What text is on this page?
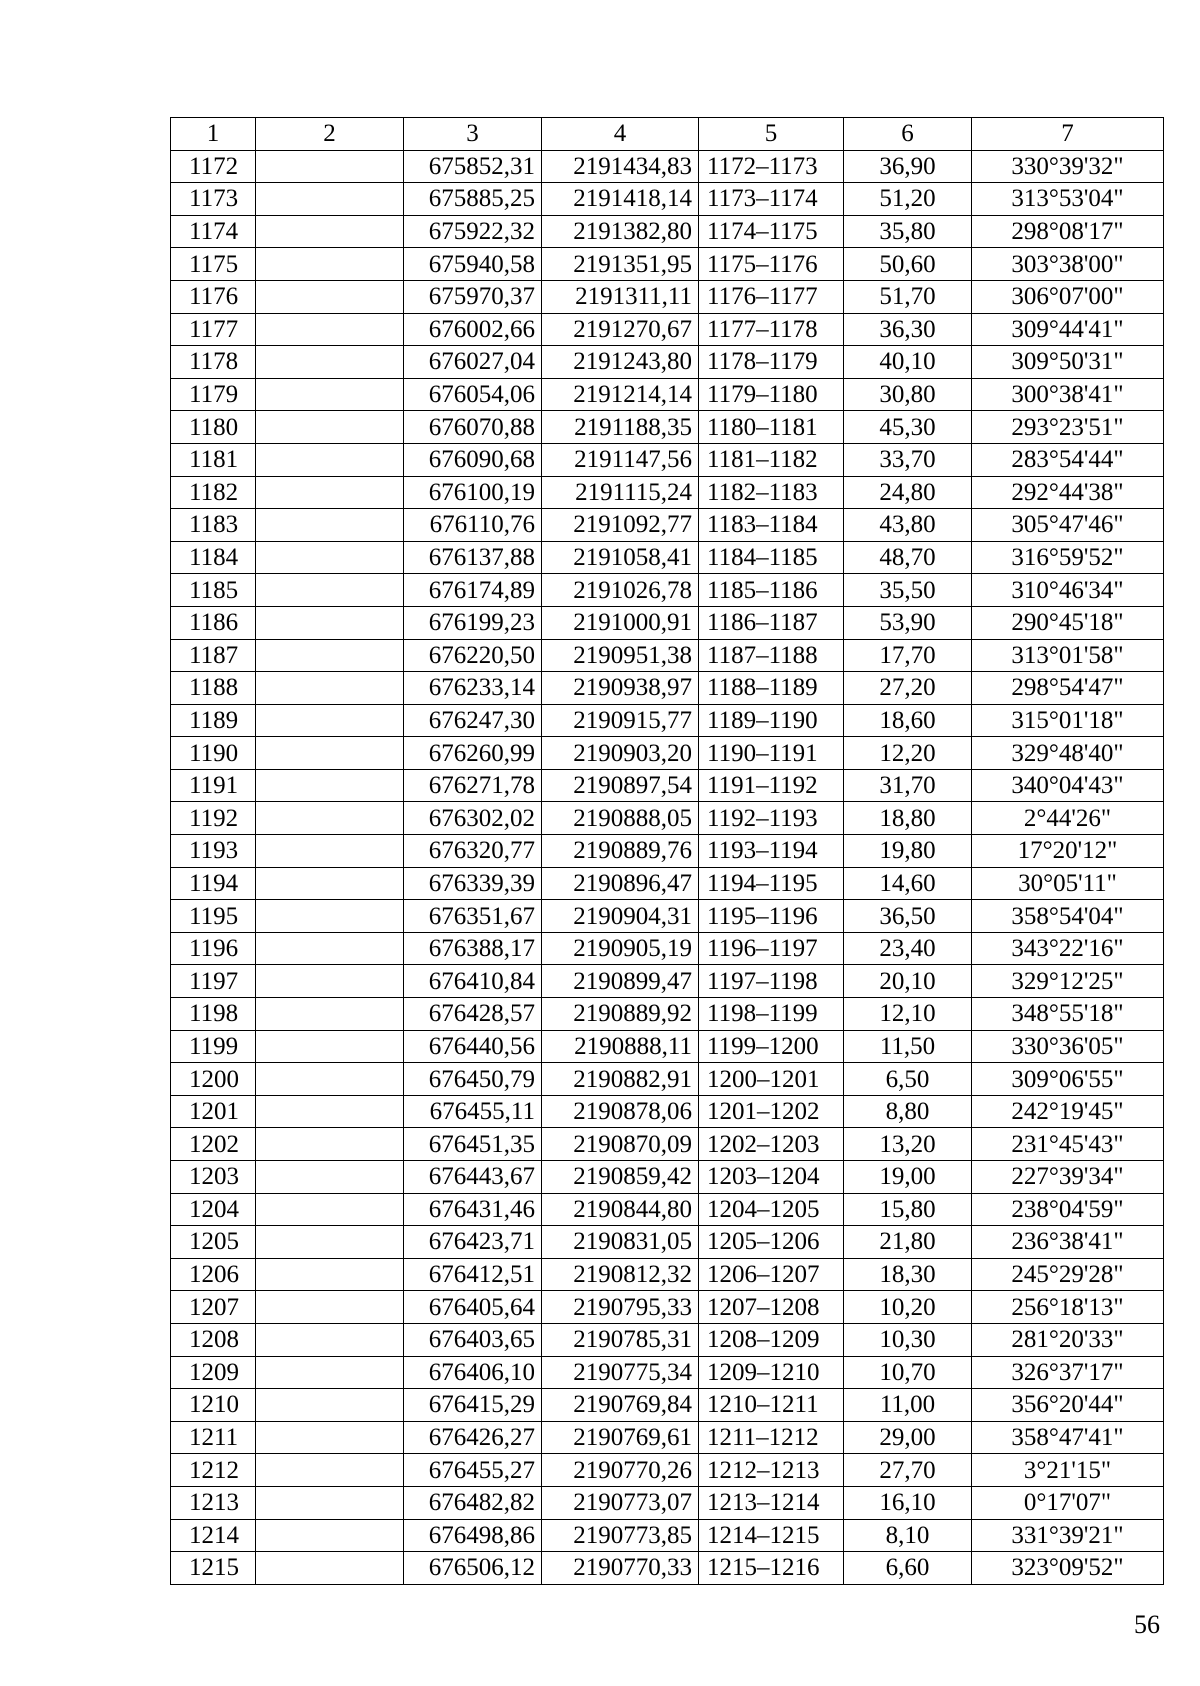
1	2	3	4	5	6	7
1172		675852,31	2191434,83	1172–1173	36,90	330°39'32"
1173		675885,25	2191418,14	1173–1174	51,20	313°53'04"
1174		675922,32	2191382,80	1174–1175	35,80	298°08'17"
1175		675940,58	2191351,95	1175–1176	50,60	303°38'00"
1176		675970,37	2191311,11	1176–1177	51,70	306°07'00"
1177		676002,66	2191270,67	1177–1178	36,30	309°44'41"
1178		676027,04	2191243,80	1178–1179	40,10	309°50'31"
1179		676054,06	2191214,14	1179–1180	30,80	300°38'41"
1180		676070,88	2191188,35	1180–1181	45,30	293°23'51"
1181		676090,68	2191147,56	1181–1182	33,70	283°54'44"
1182		676100,19	2191115,24	1182–1183	24,80	292°44'38"
1183		676110,76	2191092,77	1183–1184	43,80	305°47'46"
1184		676137,88	2191058,41	1184–1185	48,70	316°59'52"
1185		676174,89	2191026,78	1185–1186	35,50	310°46'34"
1186		676199,23	2191000,91	1186–1187	53,90	290°45'18"
1187		676220,50	2190951,38	1187–1188	17,70	313°01'58"
1188		676233,14	2190938,97	1188–1189	27,20	298°54'47"
1189		676247,30	2190915,77	1189–1190	18,60	315°01'18"
1190		676260,99	2190903,20	1190–1191	12,20	329°48'40"
1191		676271,78	2190897,54	1191–1192	31,70	340°04'43"
1192		676302,02	2190888,05	1192–1193	18,80	2°44'26"
1193		676320,77	2190889,76	1193–1194	19,80	17°20'12"
1194		676339,39	2190896,47	1194–1195	14,60	30°05'11"
1195		676351,67	2190904,31	1195–1196	36,50	358°54'04"
1196		676388,17	2190905,19	1196–1197	23,40	343°22'16"
1197		676410,84	2190899,47	1197–1198	20,10	329°12'25"
1198		676428,57	2190889,92	1198–1199	12,10	348°55'18"
1199		676440,56	2190888,11	1199–1200	11,50	330°36'05"
1200		676450,79	2190882,91	1200–1201	6,50	309°06'55"
1201		676455,11	2190878,06	1201–1202	8,80	242°19'45"
1202		676451,35	2190870,09	1202–1203	13,20	231°45'43"
1203		676443,67	2190859,42	1203–1204	19,00	227°39'34"
1204		676431,46	2190844,80	1204–1205	15,80	238°04'59"
1205		676423,71	2190831,05	1205–1206	21,80	236°38'41"
1206		676412,51	2190812,32	1206–1207	18,30	245°29'28"
1207		676405,64	2190795,33	1207–1208	10,20	256°18'13"
1208		676403,65	2190785,31	1208–1209	10,30	281°20'33"
1209		676406,10	2190775,34	1209–1210	10,70	326°37'17"
1210		676415,29	2190769,84	1210–1211	11,00	356°20'44"
1211		676426,27	2190769,61	1211–1212	29,00	358°47'41"
1212		676455,27	2190770,26	1212–1213	27,70	3°21'15"
1213		676482,82	2190773,07	1213–1214	16,10	0°17'07"
1214		676498,86	2190773,85	1214–1215	8,10	331°39'21"
1215		676506,12	2190770,33	1215–1216	6,60	323°09'52"
56
